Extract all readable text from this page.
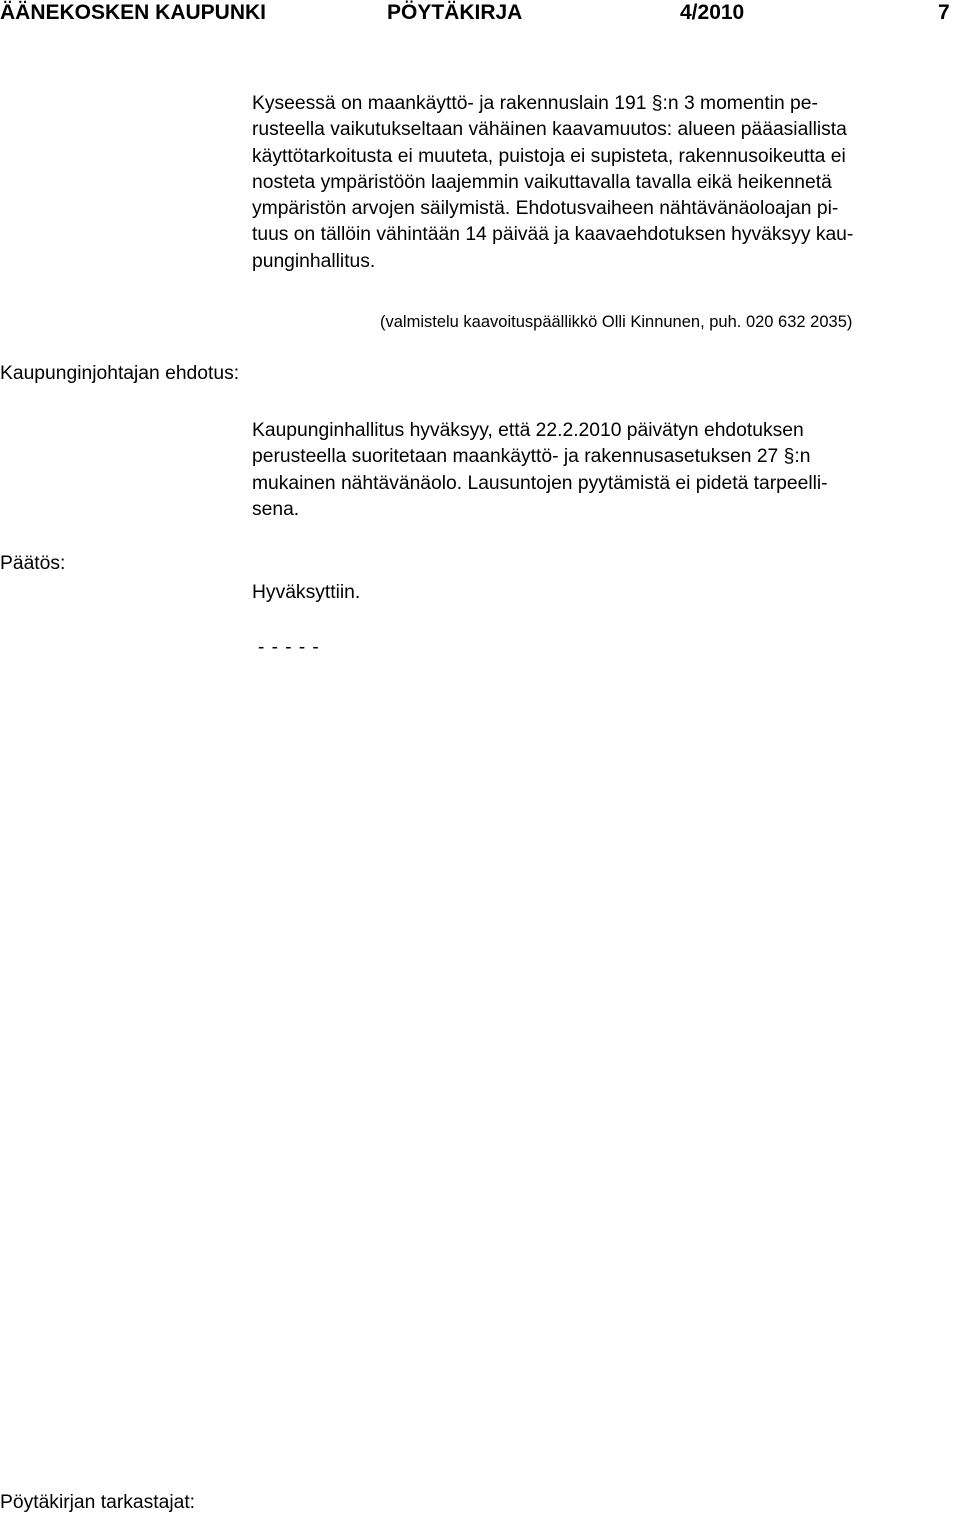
ÄÄNEKOSKEN KAUPUNKI	PÖYTÄKIRJA	4/2010	7
Kyseessä on maankäyttö- ja rakennuslain 191 §:n 3 momentin pe-
rusteella vaikutukseltaan vähäinen kaavamuutos: alueen pääasiallista
käyttötarkoitusta ei muuteta, puistoja ei supisteta, rakennusoikeutta ei
nosteta ympäristöön laajemmin vaikuttavalla tavalla eikä heikennetä
ympäristön arvojen säilymistä. Ehdotusvaiheen nähtävänäoloajan pi-
tuus on tällöin vähintään 14 päivää ja kaavaehdotuksen hyväksyy kau-
punginhallitus.
(valmistelu kaavoituspäällikkö Olli Kinnunen, puh. 020 632 2035)
Kaupunginjohtajan ehdotus:
Kaupunginhallitus hyväksyy, että 22.2.2010 päivätyn ehdotuksen
perusteella suoritetaan maankäyttö- ja rakennusasetuksen 27 §:n
mukainen nähtävänäolo. Lausuntojen pyytämistä ei pidetä tarpeelli-
sena.
Päätös:
Hyväksyttiin.
- - - - -
Pöytäkirjan tarkastajat:
